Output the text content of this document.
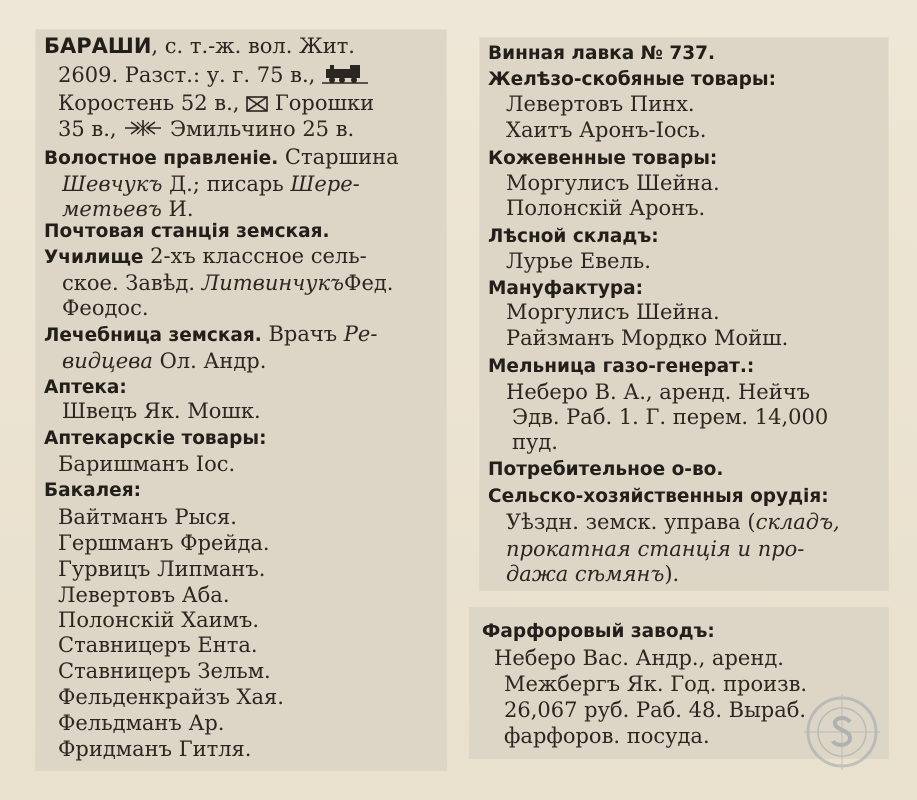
БАРАШИ, с. т.-ж. вол. Жит.
2609. Разст.: у. г. 75 в.,
Коростень 52 в., Горошки
35 в.,	Эмильчино 25 в.
Волостное правленіе. Старшина
Шевчукъ Д.; писарь Шере-
метьевъ И.
Почтовая станція земская.
Училище 2-хъ классное сель-
ское. Завѣд. ЛитвинчукъФед.
Феодос.
Лечебница земская. Врачъ Ре-
видцева Ол. Андр.
Аптека:
Швецъ Як. Мошк.
Аптекарскіе товары:
Баришманъ Іос.
Бакалея:
Вайтманъ Рыся.
Гершманъ Фрейда.
Гурвицъ Липманъ.
Левертовъ Аба.
Полонскій Хаимъ.
Ставницеръ Ента.
Ставницеръ Зельм.
Фельденкрайзъ Хая.
Фельдманъ Ар.
Фридманъ Гитля.
Винная лавка № 737.
Желѣзо-скобяные товары:
Левертовъ Пинх.
Хаитъ Аронъ-Іось.
Кожевенные товары:
Моргулисъ Шейна.
Полонскій Аронъ.
Лѣсной складъ:
Лурье Евель.
Мануфактура:
Моргулисъ Шейна.
Райзманъ Мордко Мойш.
Мельница газо-генерат.:
Неберо В. А., аренд. Нейчъ
Эдв. Раб. 1. Г. перем. 14,000
пуд.
Потребительное о-во.
Сельско-хозяйственныя орудія:
Уѣздн. земск. управа (складъ,
прокатная станція и про-
дажа сѣмянъ).
Фарфоровый заводъ:
Неберо Вас. Андр., аренд.
Межбергъ Як. Год. произв.
26,067 руб. Раб. 48. Выраб.
фарфоров. посуда.
